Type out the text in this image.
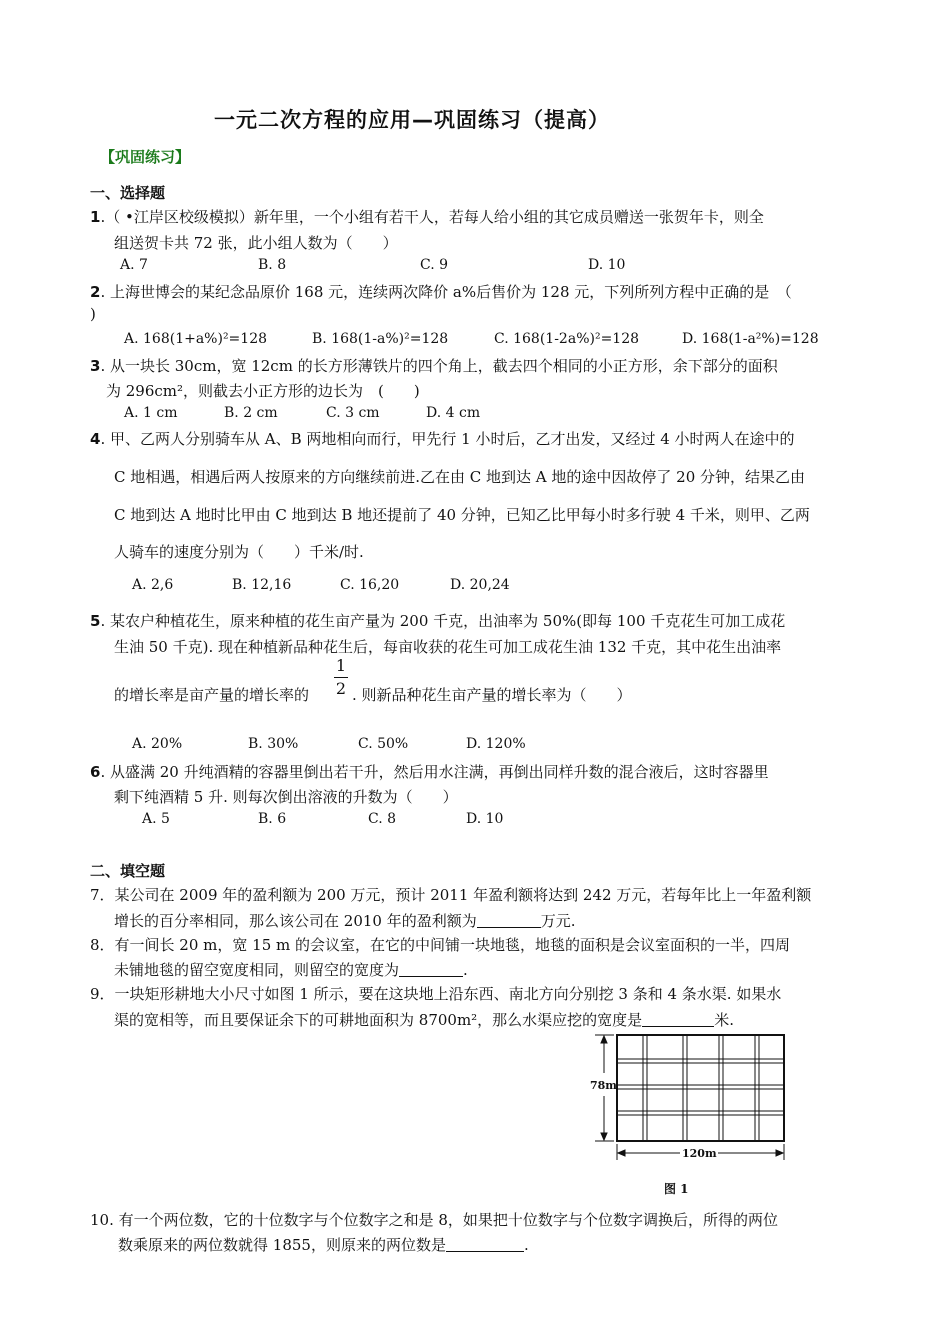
一元二次方程的应用—巩固练习（提高）
【巩固练习】
一、选择题
1.（ •江岸区校级模拟）新年里，一个小组有若干人，若每人给小组的其它成员赠送一张贺年卡，则全
组送贺卡共 72 张，此小组人数为（　　）
A. 7	B. 8	C. 9	D. 10
2. 上海世博会的某纪念品原价 168 元，连续两次降价 a%后售价为 128 元，下列所列方程中正确的是　（
)
A. 168(1+a%)²=128	B. 168(1-a%)²=128	C. 168(1-2a%)²=128	D. 168(1-a²%)=128
3. 从一块长 30cm，宽 12cm 的长方形薄铁片的四个角上，截去四个相同的小正方形，余下部分的面积
为 296cm²，则截去小正方形的边长为　(　　)
A. 1 cm	B. 2 cm	C. 3 cm	D. 4 cm
4. 甲、乙两人分别骑车从 A、B 两地相向而行，甲先行 1 小时后，乙才出发，又经过 4 小时两人在途中的
C 地相遇，相遇后两人按原来的方向继续前进.乙在由 C 地到达 A 地的途中因故停了 20 分钟，结果乙由
C 地到达 A 地时比甲由 C 地到达 B 地还提前了 40 分钟，已知乙比甲每小时多行驶 4 千米，则甲、乙两
人骑车的速度分别为（　　）千米/时.
A. 2,6	B. 12,16	C. 16,20	D. 20,24
5. 某农户种植花生，原来种植的花生亩产量为 200 千克，出油率为 50%(即每 100 千克花生可加工成花
生油 50 千克). 现在种植新品种花生后，每亩收获的花生可加工成花生油 132 千克，其中花生出油率
的增长率是亩产量的增长率的
1
2 . 则新品种花生亩产量的增长率为（　　）
A. 20%	B. 30%	C. 50%	D. 120%
6. 从盛满 20 升纯酒精的容器里倒出若干升，然后用水注满，再倒出同样升数的混合液后，这时容器里
剩下纯酒精 5 升. 则每次倒出溶液的升数为（　　）
A. 5	B. 6	C. 8	D. 10
二、填空题
7．某公司在 2009 年的盈利额为 200 万元，预计 2011 年盈利额将达到 242 万元，若每年比上一年盈利额
增长的百分率相同，那么该公司在 2010 年的盈利额为	万元.
8．有一间长 20 m，宽 15 m 的会议室，在它的中间铺一块地毯，地毯的面积是会议室面积的一半，四周
未铺地毯的留空宽度相同，则留空的宽度为	.
9．一块矩形耕地大小尺寸如图 1 所示，要在这块地上沿东西、南北方向分别挖 3 条和 4 条水渠. 如果水
渠的宽相等，而且要保证余下的可耕地面积为 8700m²，那么水渠应挖的宽度是	米.
78m
120m
图 1
10. 有一个两位数，它的十位数字与个位数字之和是 8，如果把十位数字与个位数字调换后，所得的两位
数乘原来的两位数就得 1855，则原来的两位数是	.
